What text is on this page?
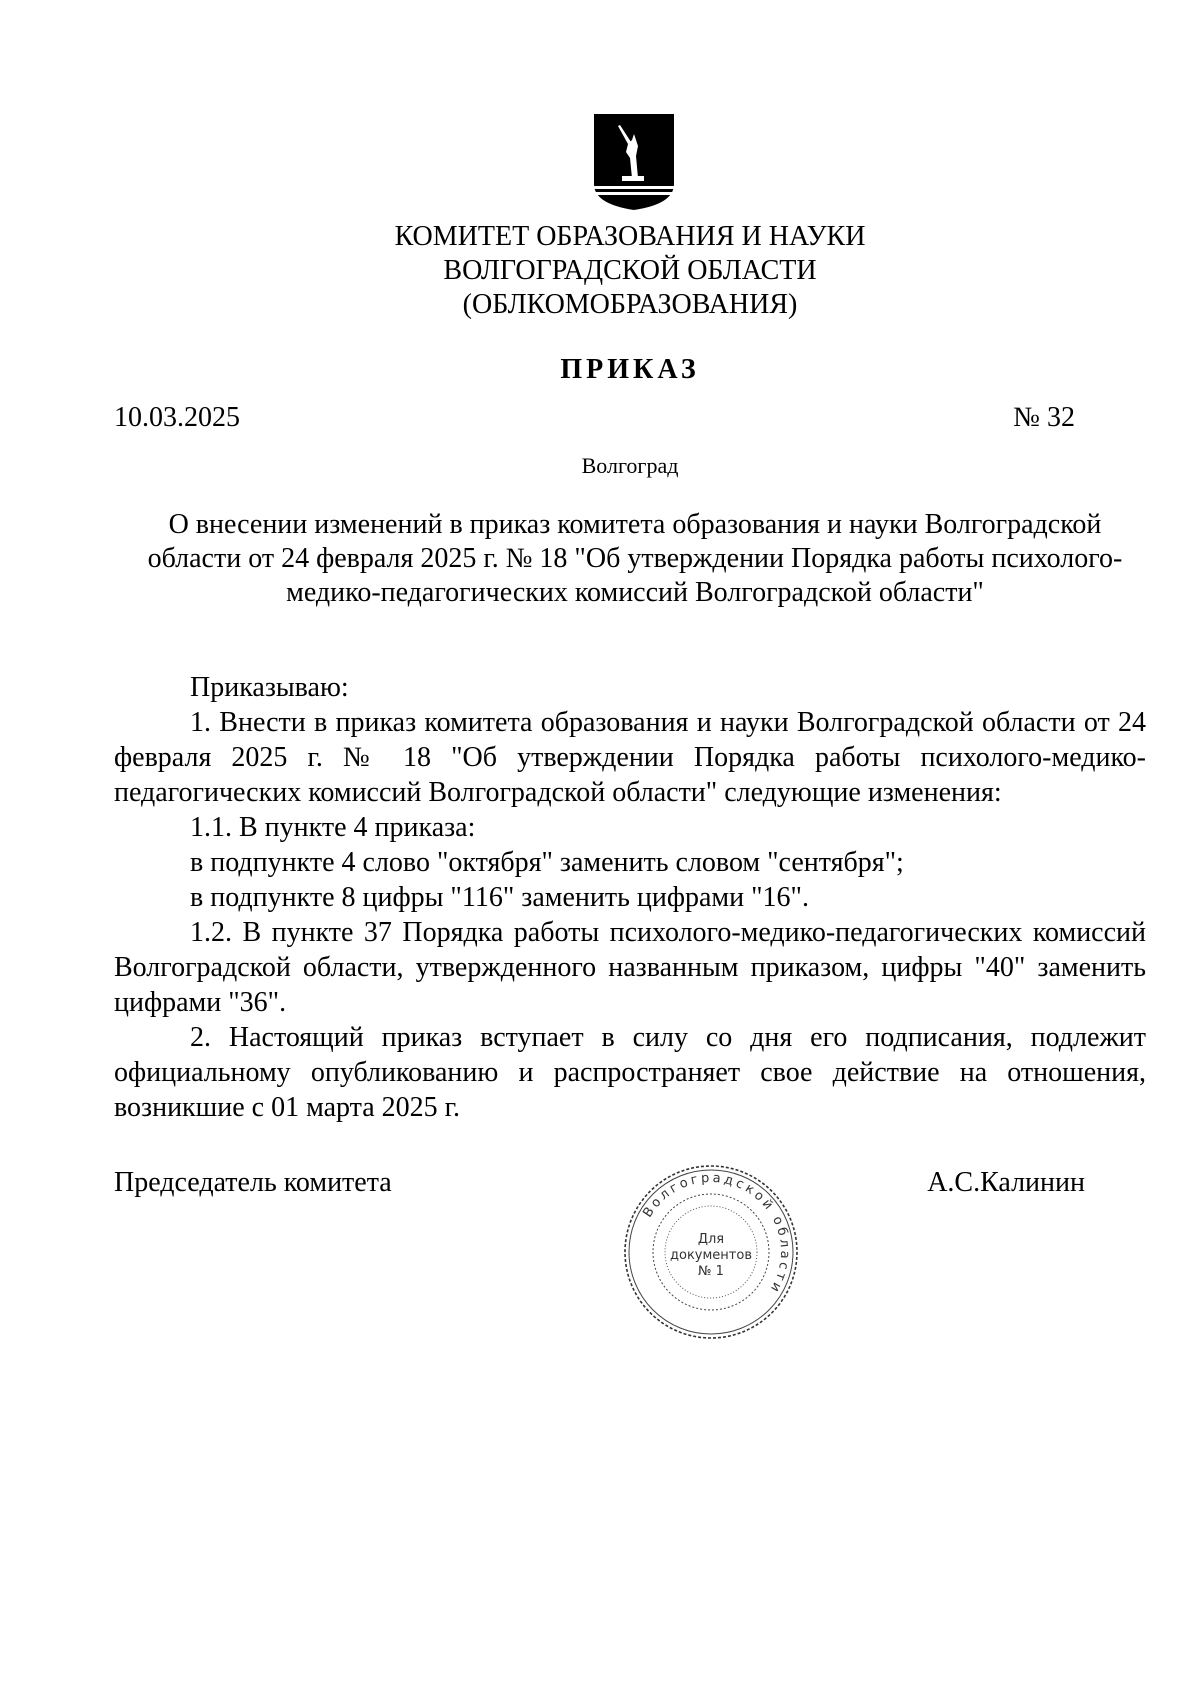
КОМИТЕТ ОБРАЗОВАНИЯ И НАУКИ
ВОЛГОГРАДСКОЙ ОБЛАСТИ
(ОБЛКОМОБРАЗОВАНИЯ)
ПРИКАЗ
10.03.2025	№ 32
Волгоград
О внесении изменений в приказ комитета образования и науки Волгоградской области от 24 февраля 2025 г. № 18 "Об утверждении Порядка работы психолого-медико-педагогических комиссий Волгоградской области"

Приказываю:

1. Внести в приказ комитета образования и науки Волгоградской области от 24 февраля 2025 г. № 18 "Об утверждении Порядка работы психолого-медико-педагогических комиссий Волгоградской области" следующие изменения:

1.1. В пункте 4 приказа:

в подпункте 4 слово "октября" заменить словом "сентября";

в подпункте 8 цифры "116" заменить цифрами "16".

1.2. В пункте 37 Порядка работы психолого-медико-педагогических комиссий Волгоградской области, утвержденного названным приказом, цифры "40" заменить цифрами "36".

2. Настоящий приказ вступает в силу со дня его подписания, подлежит официальному опубликованию и распространяет свое действие на отношения, возникшие с 01 марта 2025 г.

Председатель комитета	А.С.Калинин
Волгоградской области
Для
документов
№ 1
